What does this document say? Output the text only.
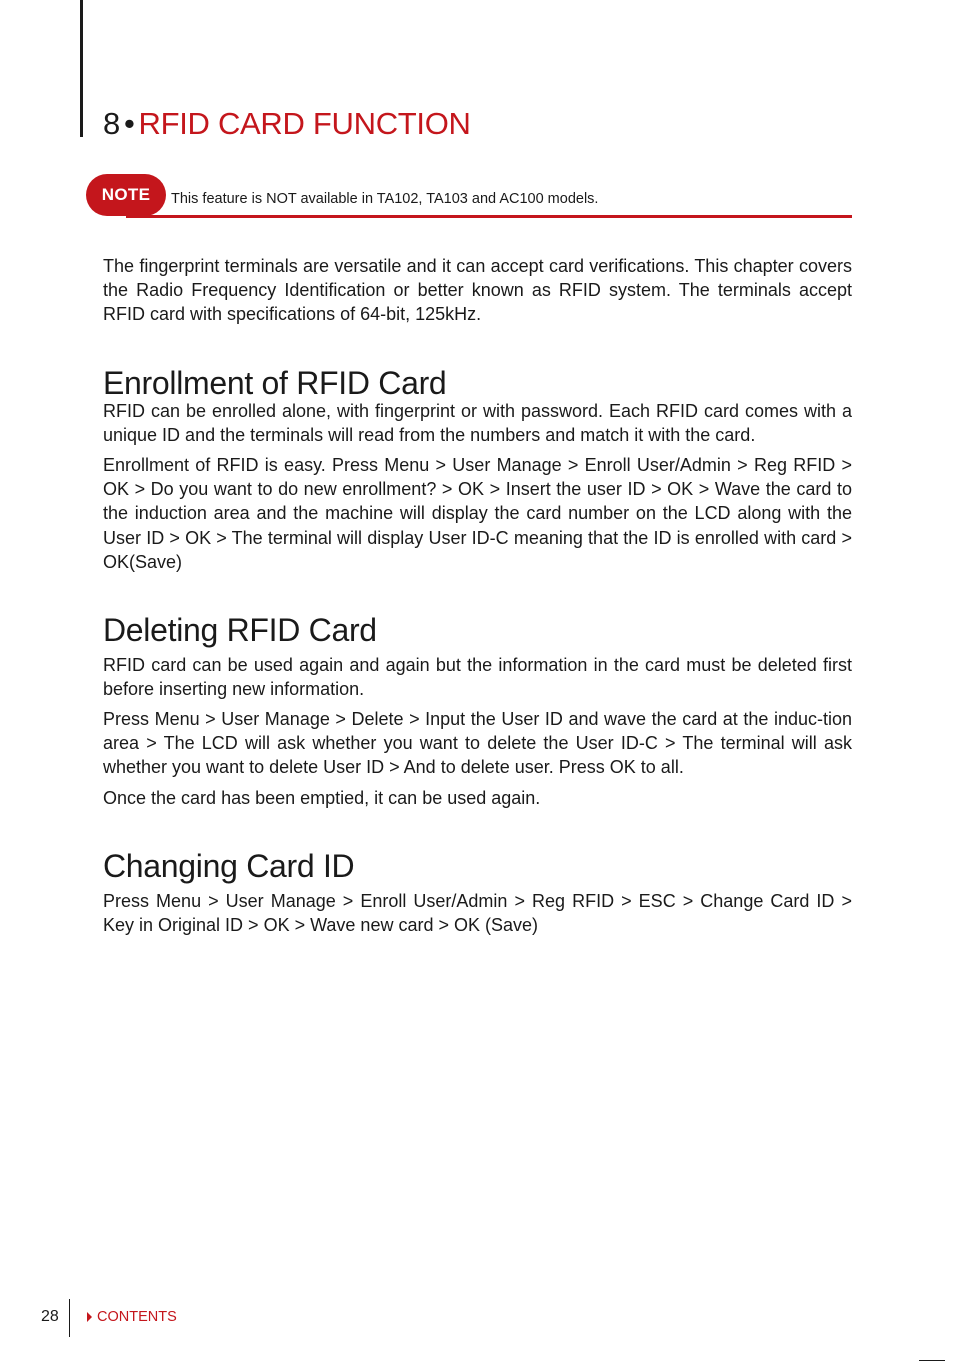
8 • RFID CARD FUNCTION
NOTE	This feature is NOT available in TA102, TA103 and AC100 models.

The fingerprint terminals are versatile and it can accept card verifications. This chapter covers the Radio Frequency Identification or better known as RFID system. The terminals accept RFID card with specifications of 64-bit, 125kHz.

Enrollment of RFID Card

RFID can be enrolled alone, with fingerprint or with password. Each RFID card comes with a unique ID and the terminals will read from the numbers and match it with the card.

Enrollment of RFID is easy. Press Menu > User Manage > Enroll User/Admin > Reg RFID > OK > Do you want to do new enrollment? > OK > Insert the user ID > OK > Wave the card to the induction area and the machine will display the card number on the LCD along with the User ID > OK > The terminal will display User ID-C meaning that the ID is enrolled with card > OK(Save)

Deleting RFID Card

RFID card can be used again and again but the information in the card must be deleted first before inserting new information.

Press Menu > User Manage > Delete > Input the User ID and wave the card at the induc-tion area > The LCD will ask whether you want to delete the User ID-C > The terminal will ask whether you want to delete User ID > And to delete user. Press OK to all.

Once the card has been emptied, it can be used again.

Changing Card ID

Press Menu > User Manage > Enroll User/Admin > Reg RFID > ESC > Change Card ID > Key in Original ID > OK > Wave new card > OK (Save)

28	CONTENTS
